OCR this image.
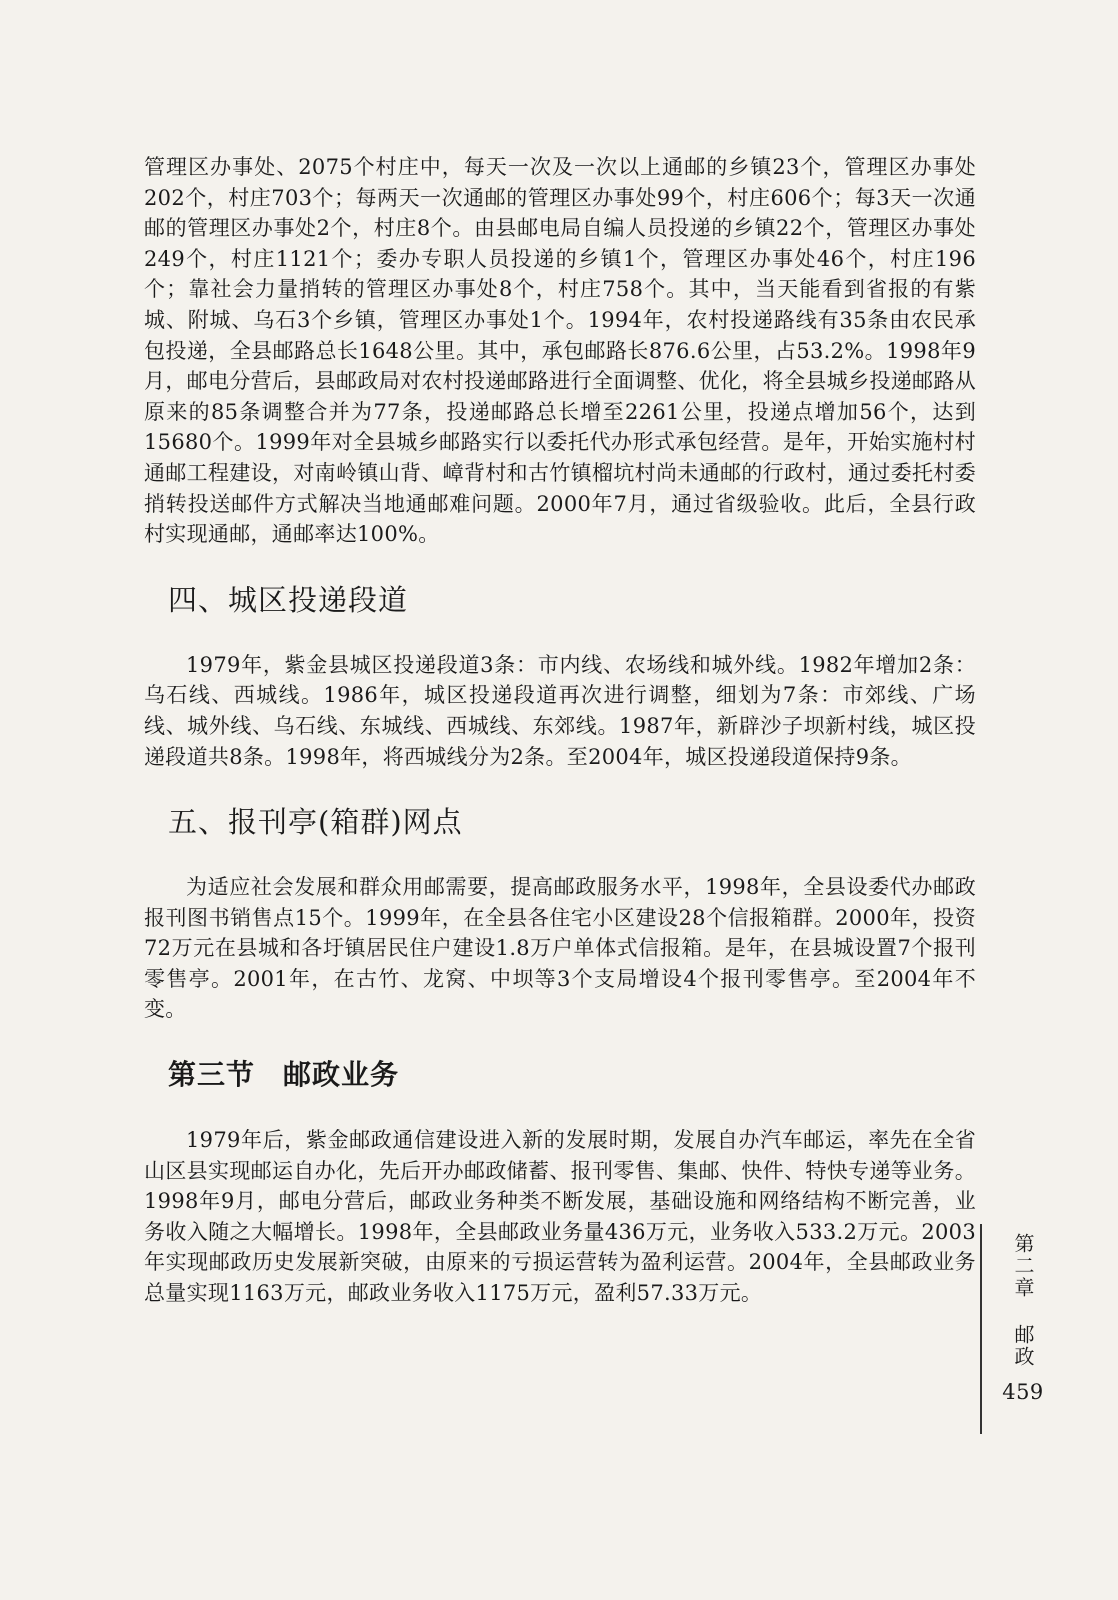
管理区办事处、2075个村庄中，每天一次及一次以上通邮的乡镇23个，管理区办事处202个，村庄703个；每两天一次通邮的管理区办事处99个，村庄606个；每3天一次通邮的管理区办事处2个，村庄8个。由县邮电局自编人员投递的乡镇22个，管理区办事处249个，村庄1121个；委办专职人员投递的乡镇1个，管理区办事处46个，村庄196个；靠社会力量捎转的管理区办事处8个，村庄758个。其中，当天能看到省报的有紫城、附城、乌石3个乡镇，管理区办事处1个。1994年，农村投递路线有35条由农民承包投递，全县邮路总长1648公里。其中，承包邮路长876.6公里，占53.2%。1998年9月，邮电分营后，县邮政局对农村投递邮路进行全面调整、优化，将全县城乡投递邮路从原来的85条调整合并为77条，投递邮路总长增至2261公里，投递点增加56个，达到15680个。1999年对全县城乡邮路实行以委托代办形式承包经营。是年，开始实施村村通邮工程建设，对南岭镇山背、嶂背村和古竹镇榴坑村尚未通邮的行政村，通过委托村委捎转投送邮件方式解决当地通邮难问题。2000年7月，通过省级验收。此后，全县行政村实现通邮，通邮率达100%。

四、城区投递段道

1979年，紫金县城区投递段道3条：市内线、农场线和城外线。1982年增加2条：乌石线、西城线。1986年，城区投递段道再次进行调整，细划为7条：市郊线、广场线、城外线、乌石线、东城线、西城线、东郊线。1987年，新辟沙子坝新村线，城区投递段道共8条。1998年，将西城线分为2条。至2004年，城区投递段道保持9条。

五、报刊亭(箱群)网点

为适应社会发展和群众用邮需要，提高邮政服务水平，1998年，全县设委代办邮政报刊图书销售点15个。1999年，在全县各住宅小区建设28个信报箱群。2000年，投资72万元在县城和各圩镇居民住户建设1.8万户单体式信报箱。是年，在县城设置7个报刊零售亭。2001年，在古竹、龙窝、中坝等3个支局增设4个报刊零售亭。至2004年不变。

第三节 邮政业务

1979年后，紫金邮政通信建设进入新的发展时期，发展自办汽车邮运，率先在全省山区县实现邮运自办化，先后开办邮政储蓄、报刊零售、集邮、快件、特快专递等业务。1998年9月，邮电分营后，邮政业务种类不断发展，基础设施和网络结构不断完善，业务收入随之大幅增长。1998年，全县邮政业务量436万元，业务收入533.2万元。2003年实现邮政历史发展新突破，由原来的亏损运营转为盈利运营。2004年，全县邮政业务总量实现1163万元，邮政业务收入1175万元，盈利57.33万元。	第二章
邮政
459
